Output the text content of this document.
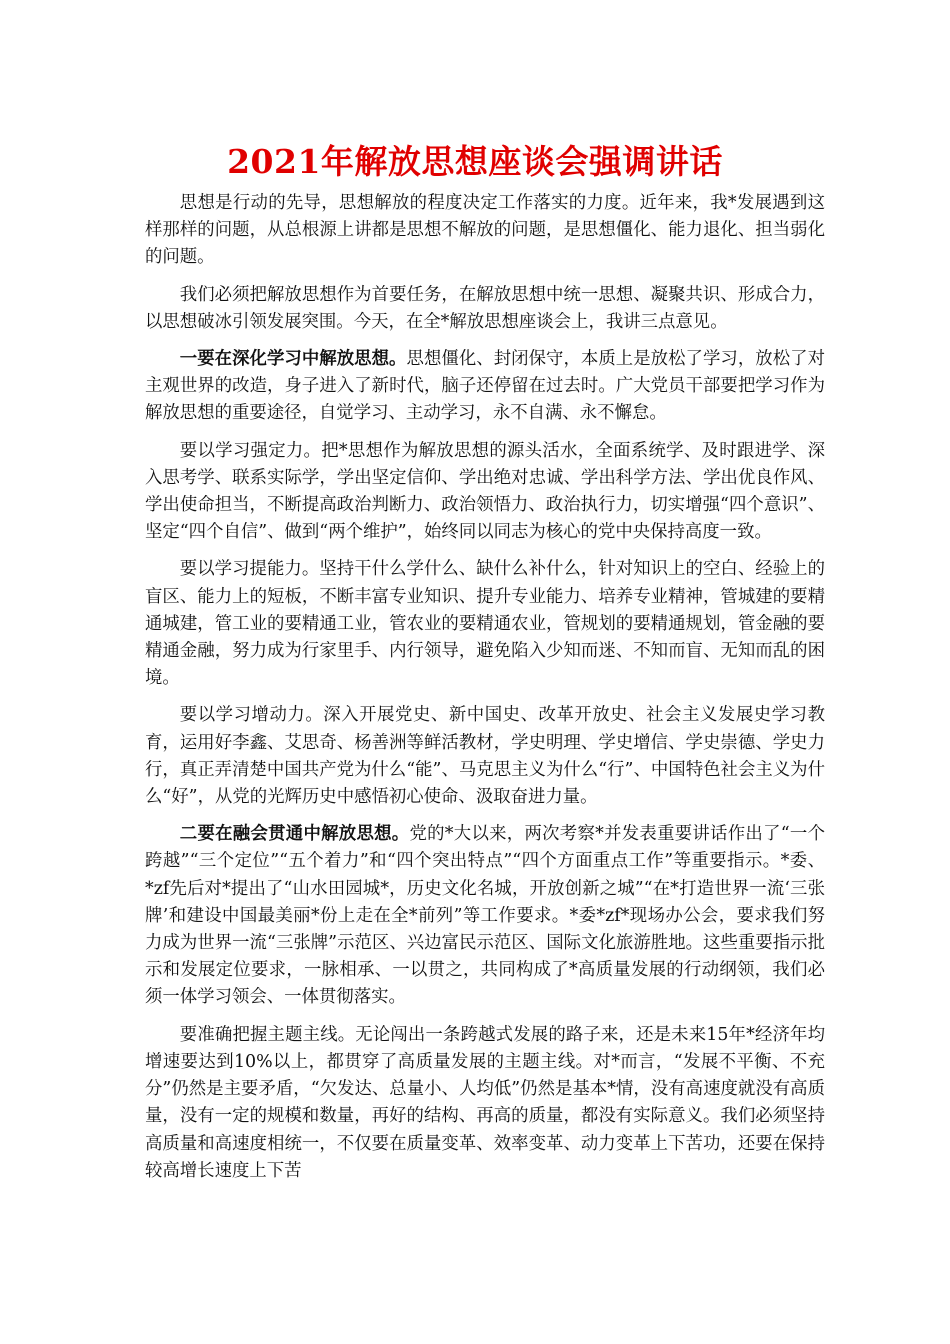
2021年解放思想座谈会强调讲话

思想是行动的先导，思想解放的程度决定工作落实的力度。近年来，我*发展遇到这样那样的问题，从总根源上讲都是思想不解放的问题，是思想僵化、能力退化、担当弱化的问题。

我们必须把解放思想作为首要任务，在解放思想中统一思想、凝聚共识、形成合力，以思想破冰引领发展突围。今天，在全*解放思想座谈会上，我讲三点意见。

一要在深化学习中解放思想。思想僵化、封闭保守，本质上是放松了学习，放松了对主观世界的改造，身子进入了新时代，脑子还停留在过去时。广大党员干部要把学习作为解放思想的重要途径，自觉学习、主动学习，永不自满、永不懈怠。

要以学习强定力。把*思想作为解放思想的源头活水，全面系统学、及时跟进学、深入思考学、联系实际学，学出坚定信仰、学出绝对忠诚、学出科学方法、学出优良作风、学出使命担当，不断提高政治判断力、政治领悟力、政治执行力，切实增强“四个意识”、坚定“四个自信”、做到“两个维护”，始终同以同志为核心的党中央保持高度一致。

要以学习提能力。坚持干什么学什么、缺什么补什么，针对知识上的空白、经验上的盲区、能力上的短板，不断丰富专业知识、提升专业能力、培养专业精神，管城建的要精通城建，管工业的要精通工业，管农业的要精通农业，管规划的要精通规划，管金融的要精通金融，努力成为行家里手、内行领导，避免陷入少知而迷、不知而盲、无知而乱的困境。

要以学习增动力。深入开展党史、新中国史、改革开放史、社会主义发展史学习教育，运用好李鑫、艾思奇、杨善洲等鲜活教材，学史明理、学史增信、学史崇德、学史力行，真正弄清楚中国共产党为什么“能”、马克思主义为什么“行”、中国特色社会主义为什么“好”，从党的光辉历史中感悟初心使命、汲取奋进力量。

二要在融会贯通中解放思想。党的*大以来，两次考察*并发表重要讲话作出了“一个跨越”“三个定位”“五个着力”和“四个突出特点”“四个方面重点工作”等重要指示。*委、*zf先后对*提出了“山水田园城*，历史文化名城，开放创新之城”“在*打造世界一流‘三张牌’和建设中国最美丽*份上走在全*前列”等工作要求。*委*zf*现场办公会，要求我们努力成为世界一流“三张牌”示范区、兴边富民示范区、国际文化旅游胜地。这些重要指示批示和发展定位要求，一脉相承、一以贯之，共同构成了*高质量发展的行动纲领，我们必须一体学习领会、一体贯彻落实。

要准确把握主题主线。无论闯出一条跨越式发展的路子来，还是未来15年*经济年均增速要达到10%以上，都贯穿了高质量发展的主题主线。对*而言，“发展不平衡、不充分”仍然是主要矛盾，“欠发达、总量小、人均低”仍然是基本*情，没有高速度就没有高质量，没有一定的规模和数量，再好的结构、再高的质量，都没有实际意义。我们必须坚持高质量和高速度相统一，不仅要在质量变革、效率变革、动力变革上下苦功，还要在保持较高增长速度上下苦
